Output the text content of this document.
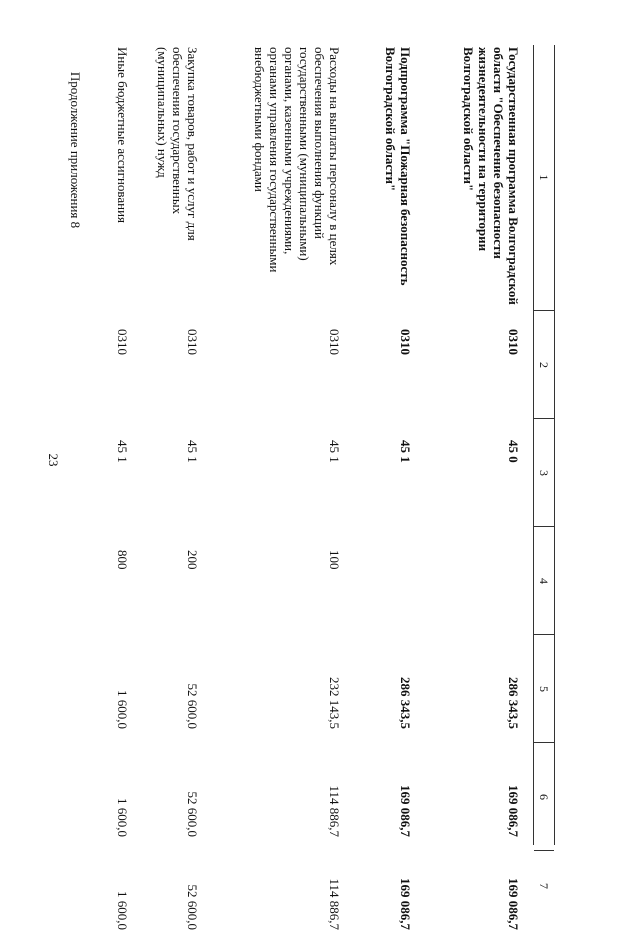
23
Продолжение приложения 8	1
2
3
4
5
6
7
Государственная программа Волгоградской области "Обеспечение безопасности жизнедеятельности на территории Волгоградской области"
0310
45 0
286 343,5
169 086,7
169 086,7
Подпрограмма "Пожарная безопасность Волгоградской области"
0310
45 1
286 343,5
169 086,7
169 086,7
Расходы на выплаты персоналу в целях обеспечения выполнения функций государственными (муниципальными) органами, казенными учреждениями, органами управления государственными внебюджетными фондами
0310
45 1
100
232 143,5
114 886,7
114 886,7
Закупка товаров, работ и услуг для обеспечения государственных (муниципальных) нужд
0310
45 1
200
52 600,0
52 600,0
52 600,0
Иные бюджетные ассигнования
0310
45 1
800
1 600,0
1 600,0
1 600,0
